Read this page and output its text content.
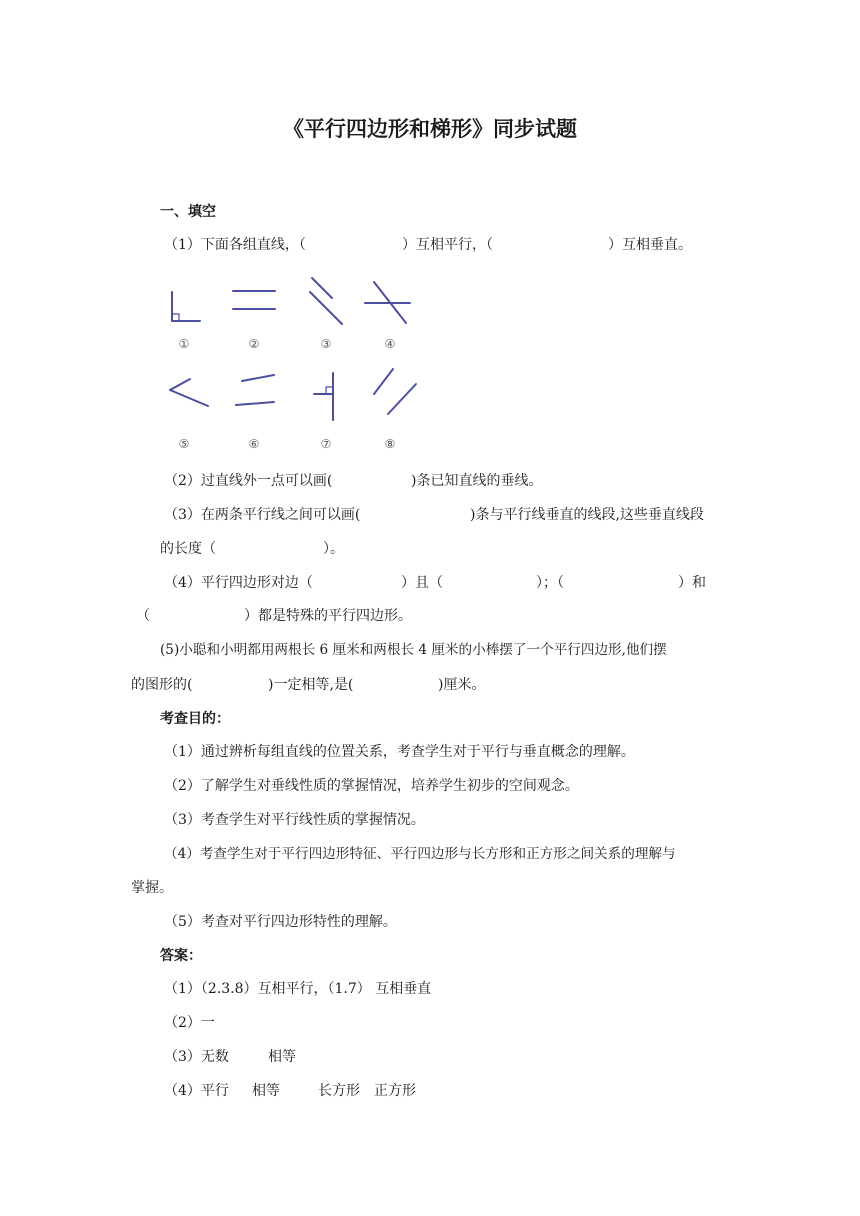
《平行四边形和梯形》同步试题
一、填空
（1）下面各组直线，（	）互相平行，（	）互相垂直。
①	②	③	④
⑤	⑥	⑦	⑧
（2）过直线外一点可以画(	)条已知直线的垂线。
（3）在两条平行线之间可以画(	)条与平行线垂直的线段,这些垂直线段
的长度（	）。
（4）平行四边形对边（	）且（	）；（	）和
（	）都是特殊的平行四边形。
(5)小聪和小明都用两根长 6 厘米和两根长 4 厘米的小棒摆了一个平行四边形,他们摆
的图形的(	)一定相等,是(	)厘米。
考查目的：
（1）通过辨析每组直线的位置关系，考查学生对于平行与垂直概念的理解。
（2）了解学生对垂线性质的掌握情况，培养学生初步的空间观念。
（3）考查学生对平行线性质的掌握情况。
（4）考查学生对于平行四边形特征、平行四边形与长方形和正方形之间关系的理解与
掌握。
（5）考查对平行四边形特性的理解。
答案：
（1）（2.3.8）互相平行，（1.7） 互相垂直
（2）一
（3）无数	相等
（4）平行 相等	长方形 正方形
